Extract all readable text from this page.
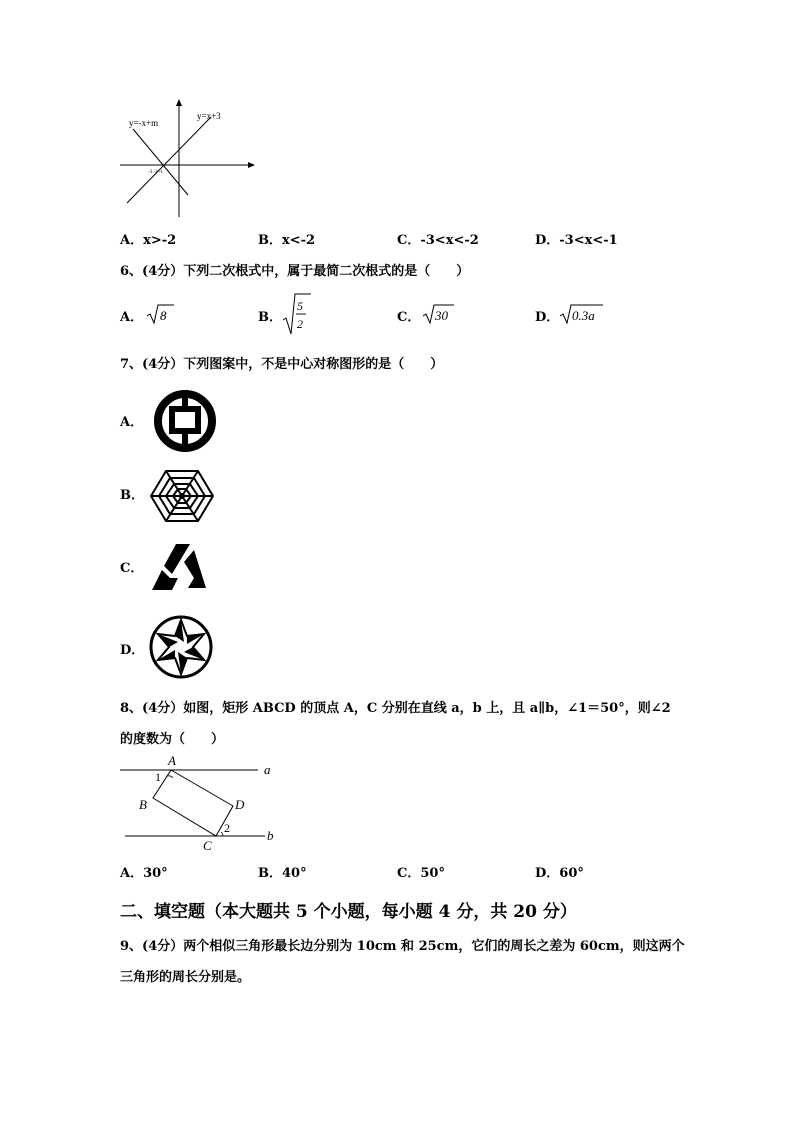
y=-x+m
y=x+3
-3 -2 -1
A．x>-2	B．x<-2	C．-3<x<-2	D．-3<x<-1
6、(4分）下列二次根式中，属于最简二次根式的是（　　）
A． 8	B．
5
2	C． 30	D． 0.3a
7、(4分）下列图案中，不是中心对称图形的是（　　）
A．
B．
C．
D．
8、(4分）如图，矩形 ABCD 的顶点 A，C 分别在直线 a，b 上，且 a∥b，∠1＝50°，则∠2
的度数为（　　）
A
B
C
D
a
b
1
2
A．30°	B．40°	C．50°	D．60°
二、填空题（本大题共 5 个小题，每小题 4 分，共 20 分）
9、(4分）两个相似三角形最长边分别为 10cm 和 25cm，它们的周长之差为 60cm，则这两个
三角形的周长分别是。
